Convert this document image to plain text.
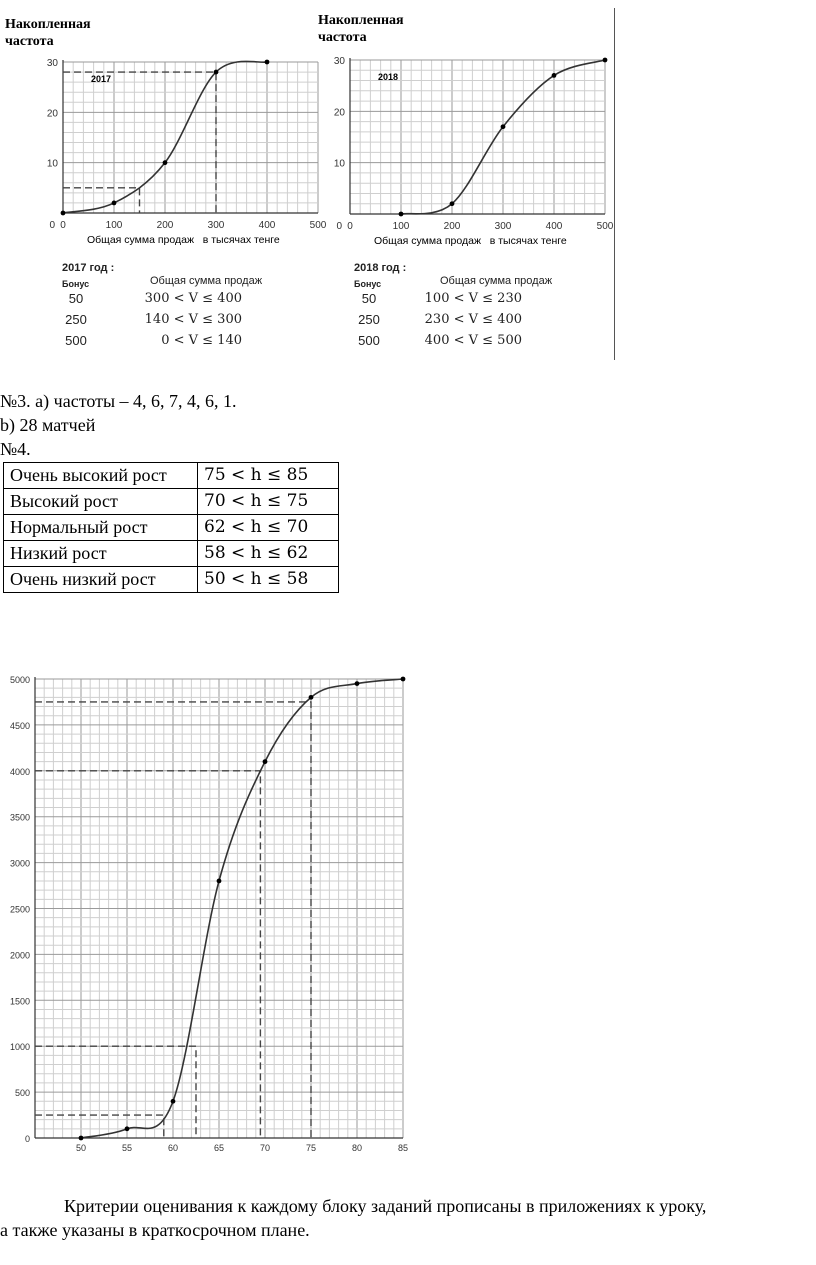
Накопленная частота
0	100	200	300	400	500
10
20
30
0
2017
Общая сумма продаж   в тысячах тенге
Накопленная частота
0	100	200	300	400	500
10
20
30
0
2018
Общая сумма продаж   в тысячах тенге
2017 год :
Бонус	Общая сумма продаж
50	300 < V ≤ 400
250	140 < V ≤ 300
500	0 < V ≤ 140
2018 год :
Бонус	Общая сумма продаж
50	100 < V ≤ 230
250	230 < V ≤ 400
500	400 < V ≤ 500
№3. а) частоты – 4, 6, 7, 4, 6, 1.
b) 28 матчей
№4.
Очень высокий рост	75 < h ≤ 85
Высокий рост	70 < h ≤ 75
Нормальный рост	62 < h ≤ 70
Низкий рост	58 < h ≤ 62
Очень низкий рост	50 < h ≤ 58
50	55	60	65	70	75	80	85
0
500
1000
1500
2000
2500
3000
3500
4000
4500
5000
Критерии оценивания к каждому блоку заданий прописаны в приложениях к уроку,
а также указаны в краткосрочном плане.
